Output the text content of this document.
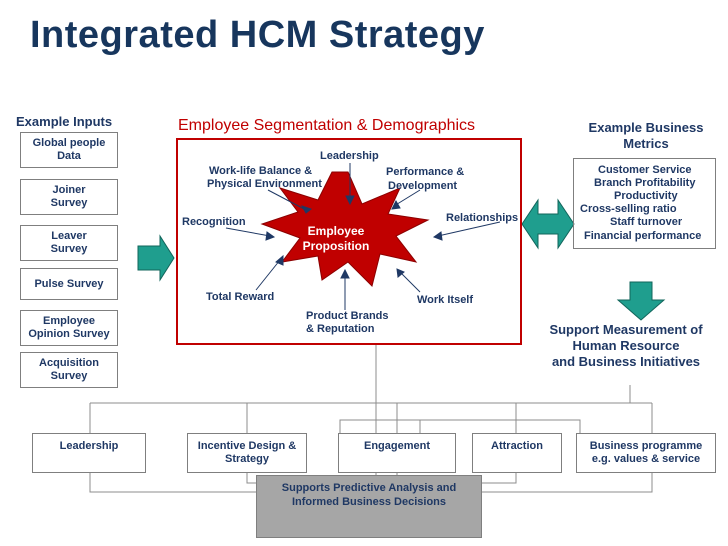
Integrated HCM Strategy
Example Inputs
Global people
Data
Joiner
Survey
Leaver
Survey
Pulse Survey
Employee
Opinion Survey
Acquisition
Survey
Employee Segmentation & Demographics
Leadership
Work-life Balance &
Physical Environment
Performance &
Development
Recognition	Relationships
Total Reward
Product Brands
& Reputation
Work Itself
Employee
Proposition
Example Business
Metrics
Customer Service
Branch Profitability
Productivity
Cross-selling ratio
Staff turnover
Financial performance
Support Measurement of
Human Resource
and Business Initiatives
Leadership	Incentive Design &
Strategy
Engagement	Attraction	Business programme
e.g. values & service
Supports Predictive Analysis and
Informed Business Decisions
